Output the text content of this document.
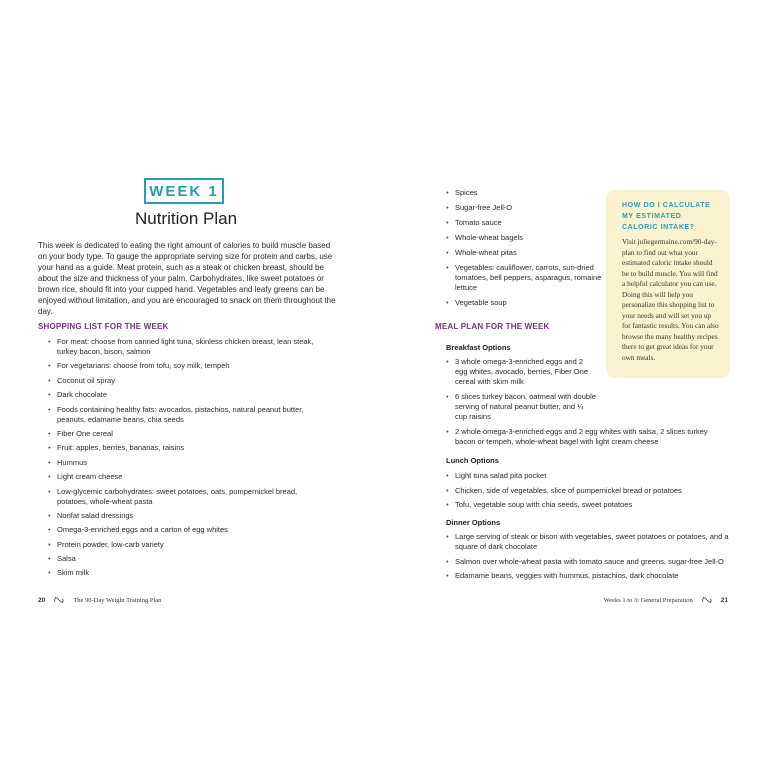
WEEK 1
Nutrition Plan

This week is dedicated to eating the right amount of calories to build muscle based on your body type. To gauge the appropriate serving size for protein and carbs, use your hand as a guide. Meat protein, such as a steak or chicken breast, should be about the size and thickness of your palm. Carbohydrates, like sweet potatoes or brown rice, should fit into your cupped hand. Vegetables and leafy greens can be enjoyed without limitation, and you are encouraged to snack on them throughout the day.

SHOPPING LIST FOR THE WEEK
• For meat: choose from canned light tuna, skinless chicken breast, lean steak, turkey bacon, bison, salmon
• For vegetarians: choose from tofu, soy milk, tempeh
• Coconut oil spray
• Dark chocolate
• Foods containing healthy fats: avocados, pistachios, natural peanut butter, peanuts, edamame beans, chia seeds
• Fiber One cereal
• Fruit: apples, berries, bananas, raisins
• Hummus
• Light cream cheese
• Low-glycemic carbohydrates: sweet potatoes, oats, pumpernickel bread, potatoes, whole-wheat pasta
• Nonfat salad dressings
• Omega-3-enriched eggs and a carton of egg whites
• Protein powder, low-carb variety
• Salsa
• Skim milk
20	The 90-Day Weight Training Plan
• Spices
• Sugar-free Jell-O
• Tomato sauce
• Whole-wheat bagels
• Whole-wheat pitas
• Vegetables: cauliflower, carrots, sun-dried tomatoes, bell peppers, asparagus, romaine lettuce
• Vegetable soup
MEAL PLAN FOR THE WEEK
Breakfast Options
• 3 whole omega-3-enriched eggs and 2 egg whites, avocado, berries, Fiber One cereal with skim milk
• 6 slices turkey bacon, oatmeal with double serving of natural peanut butter, and ¼ cup raisins
• 2 whole omega-3-enriched eggs and 2 egg whites with salsa, 2 slices turkey bacon or tempeh, whole-wheat bagel with light cream cheese
Lunch Options
• Light tuna salad pita pocket
• Chicken, side of vegetables, slice of pumpernickel bread or potatoes
• Tofu, vegetable soup with chia seeds, sweet potatoes
Dinner Options
• Large serving of steak or bison with vegetables, sweet potatoes or potatoes, and a square of dark chocolate
• Salmon over whole-wheat pasta with tomato sauce and greens, sugar-free Jell-O
• Edamame beans, veggies with hummus, pistachios, dark chocolate

HOW DO I CALCULATE MY ESTIMATED CALORIC INTAKE?

Visit juliegermaine.com/90-day-plan to find out what your estimated caloric intake should be to build muscle. You will find a helpful calculator you can use. Doing this will help you personalize this shopping list to your needs and will set you up for fantastic results. You can also browse the many healthy recipes there to get great ideas for your own meals.

Weeks 1 to 3: General Preparation	21
